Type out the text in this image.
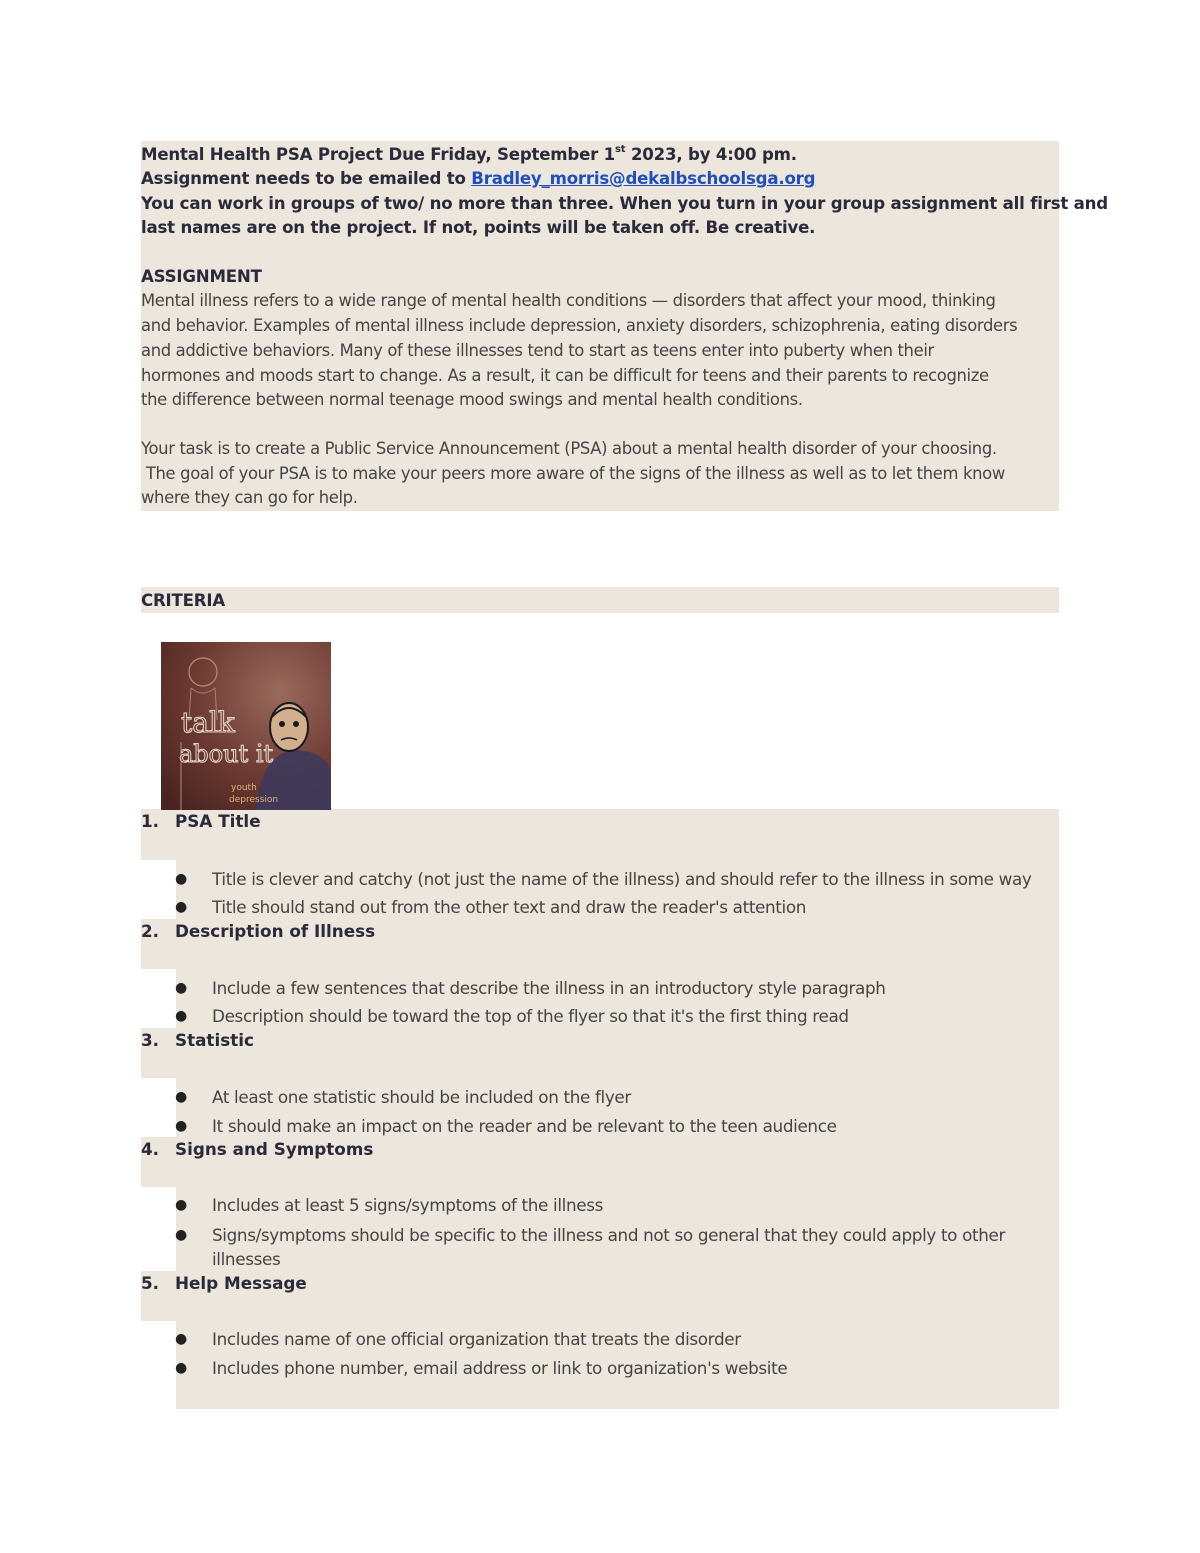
Mental Health PSA Project Due Friday, September 1st 2023, by 4:00 pm.
Assignment needs to be emailed to Bradley_morris@dekalbschoolsga.org
You can work in groups of two/ no more than three. When you turn in your group assignment all first and
last names are on the project. If not, points will be taken off. Be creative.
ASSIGNMENT
Mental illness refers to a wide range of mental health conditions — disorders that affect your mood, thinking
and behavior. Examples of mental illness include depression, anxiety disorders, schizophrenia, eating disorders
and addictive behaviors. Many of these illnesses tend to start as teens enter into puberty when their
hormones and moods start to change. As a result, it can be difficult for teens and their parents to recognize
the difference between normal teenage mood swings and mental health conditions.
Your task is to create a Public Service Announcement (PSA) about a mental health disorder of your choosing.
The goal of your PSA is to make your peers more aware of the signs of the illness as well as to let them know
where they can go for help.
CRITERIA
talk
about it
youth
depression
1. PSA Title
● Title is clever and catchy (not just the name of the illness) and should refer to the illness in some way
● Title should stand out from the other text and draw the reader's attention
2. Description of Illness
● Include a few sentences that describe the illness in an introductory style paragraph
● Description should be toward the top of the flyer so that it's the first thing read
3. Statistic
● At least one statistic should be included on the flyer
● It should make an impact on the reader and be relevant to the teen audience
4. Signs and Symptoms
● Includes at least 5 signs/symptoms of the illness
● Signs/symptoms should be specific to the illness and not so general that they could apply to other
illnesses
5. Help Message
● Includes name of one official organization that treats the disorder
● Includes phone number, email address or link to organization's website
